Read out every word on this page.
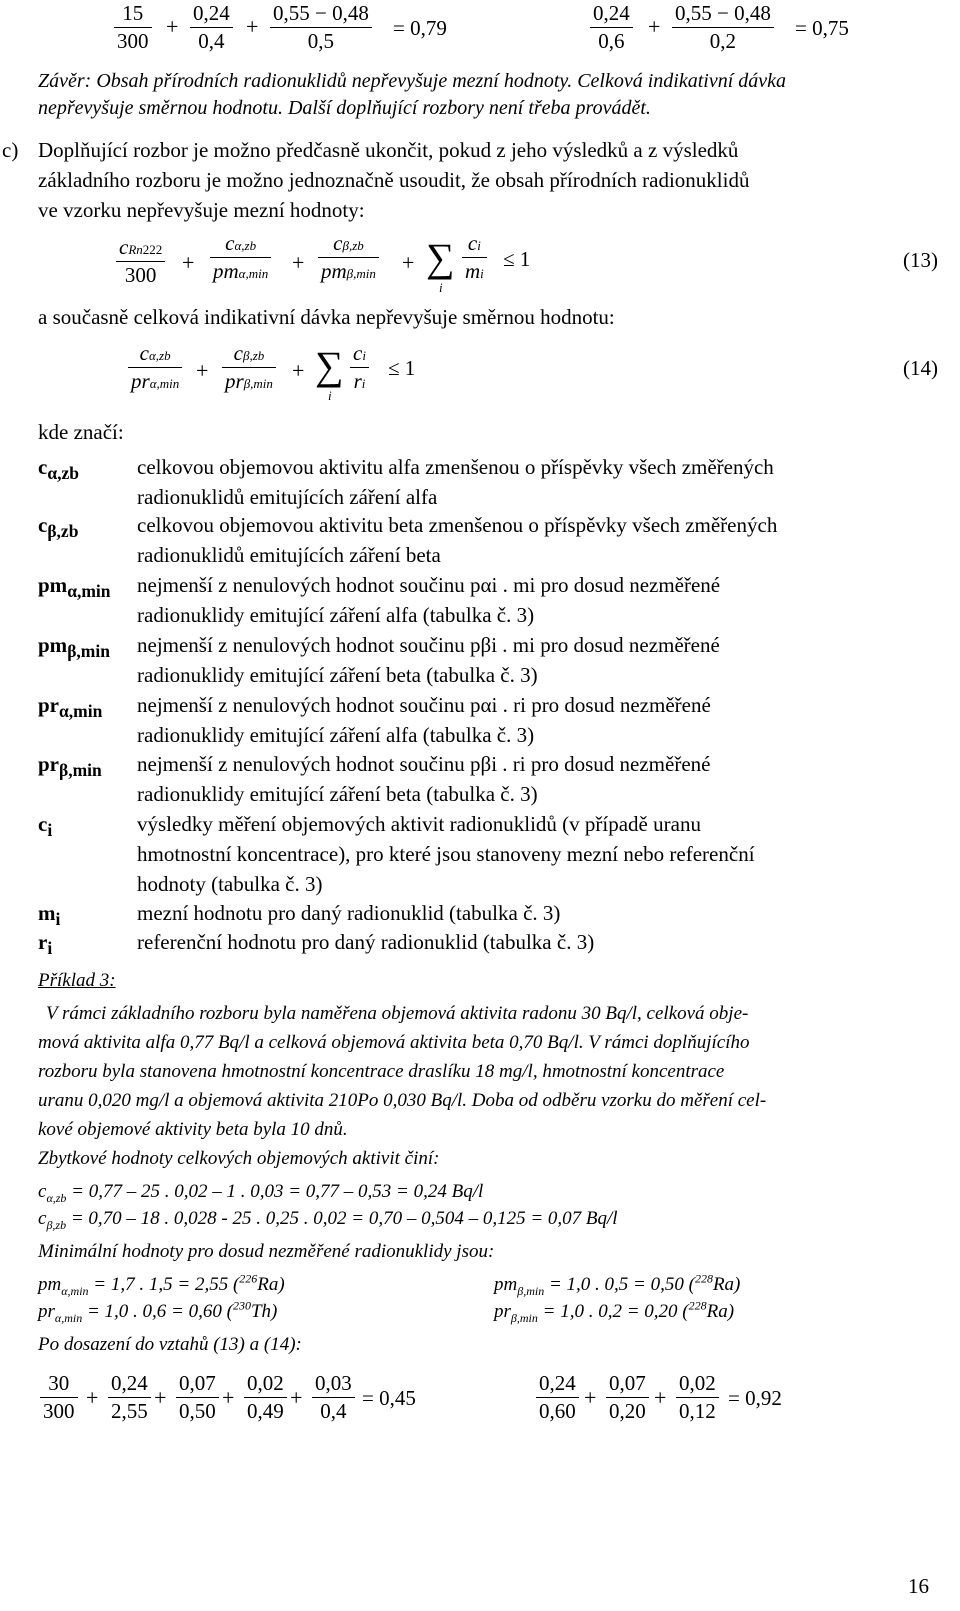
$\frac{15}{300} + \frac{0,24}{0,4} + \frac{0,55 - 0,48}{0,5} = 0,79$	$\frac{0,24}{0,6} + \frac{0,55 - 0,48}{0,2} = 0,75$
Závěr: Obsah přírodních radionuklidů nepřevyšuje mezní hodnoty. Celková indikativní dávka
nepřevyšuje směrnou hodnotu. Další doplňující rozbory není třeba provádět.
c) Doplňující rozbor je možno předčasně ukončit, pokud z jeho výsledků a z výsledků
základního rozboru je možno jednoznačně usoudit, že obsah přírodních radionuklidů
ve vzorku nepřevyšuje mezní hodnoty:
cRn222
300
+
cα,zb
pmα,min +
cβ,zb
pmβ,min + ∑
i
$\frac{ci}{mi} \le 1$	(13)
a současně celková indikativní dávka nepřevyšuje směrnou hodnotu:
cα,zb
prα,min
+
cβ,zb
prβ,min
+ ∑
i
$\frac{ci}{ri} \le 1$	(14)
kde značí:
$c_{\alpha,zb}$	celkovou objemovou aktivitu alfa zmenšenou o příspěvky všech změřených
radionuklidů emitujících záření alfa
$c_{\beta,zb}$	celkovou objemovou aktivitu beta zmenšenou o příspěvky všech změřených
radionuklidů emitujících záření beta
$pm_{\alpha,min}$ nejmenší z nenulových hodnot součinu pαi . mi pro dosud nezměřené
radionuklidy emitující záření alfa (tabulka č. 3)
$pm_{\beta,min}$ nejmenší z nenulových hodnot součinu pβi . mi pro dosud nezměřené
radionuklidy emitující záření beta (tabulka č. 3)
$pr_{\alpha,min}$ nejmenší z nenulových hodnot součinu pαi . ri pro dosud nezměřené
radionuklidy emitující záření alfa (tabulka č. 3)
$pr_{\beta,min}$ nejmenší z nenulových hodnot součinu pβi . ri pro dosud nezměřené
radionuklidy emitující záření beta (tabulka č. 3)
$c_i$	výsledky měření objemových aktivit radionuklidů (v případě uranu
hmotnostní koncentrace), pro které jsou stanoveny mezní nebo referenční
hodnoty (tabulka č. 3)
$m_i$	mezní hodnotu pro daný radionuklid (tabulka č. 3)
$r_i$	referenční hodnotu pro daný radionuklid (tabulka č. 3)
Příklad 3:
V rámci základního rozboru byla naměřena objemová aktivita radonu 30 Bq/l, celková obje-
mová aktivita alfa 0,77 Bq/l a celková objemová aktivita beta 0,70 Bq/l. V rámci doplňujícího
rozboru byla stanovena hmotnostní koncentrace draslíku 18 mg/l, hmotnostní koncentrace
uranu 0,020 mg/l a objemová aktivita 210Po 0,030 Bq/l. Doba od odběru vzorku do měření cel-
kové objemové aktivity beta byla 10 dnů.
Zbytkové hodnoty celkových objemových aktivit činí:
$c_{\alpha,zb} = 0,77 - 25$ . 0,02 – 1 . 0,03 = 0,77 – 0,53 = 0,24 Bq/l
$c_{\beta,zb} = 0,70 - 18$ . 0,028 - 25 . 0,25 . 0,02 = 0,70 – 0,504 – 0,125 = 0,07 Bq/l
Minimální hodnoty pro dosud nezměřené radionuklidy jsou:
$pm_{\alpha,min} = 1,7$ . 1,5 = 2,55 ($^{226}$Ra)	$pm_{\beta,min} = 1,0$ . 0,5 = 0,50 ($^{228}$Ra)
$pr_{\alpha,min} = 1,0$ . 0,6 = 0,60 ($^{230}$Th)	$pr_{\beta,min} = 1,0$ . 0,2 = 0,20 ($^{228}$Ra)
Po dosazení do vztahů (13) a (14):
$\frac{30}{300} + \frac{0,24}{2,55} + \frac{0,07}{0,50} + \frac{0,02}{0,49} + \frac{0,03}{0,4} = 0,45$	$\frac{0,24}{0,60} + \frac{0,07}{0,20} + \frac{0,02}{0,12} = 0,92$
16
